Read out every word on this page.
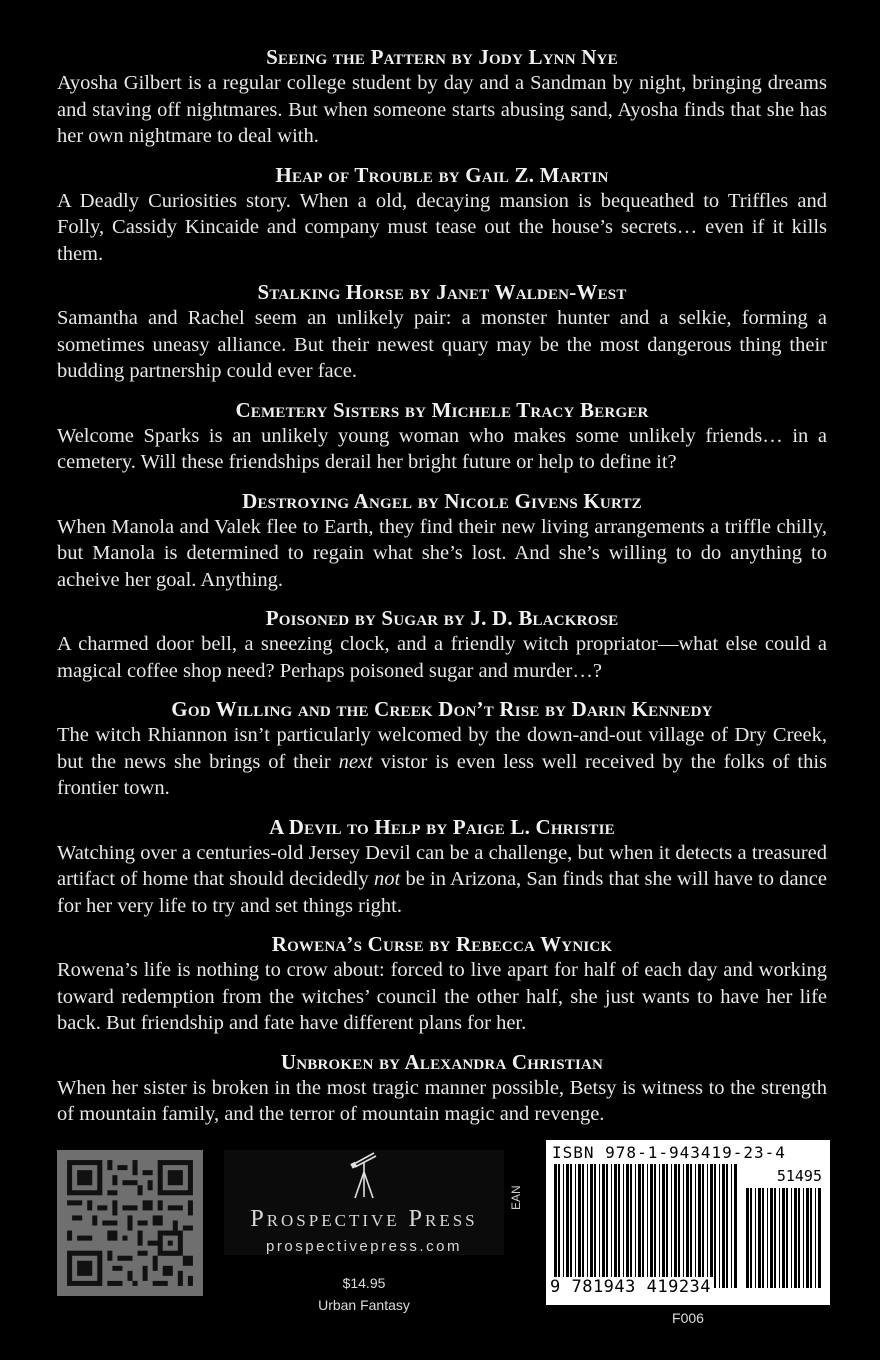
Seeing the Pattern by Jody Lynn Nye
Ayosha Gilbert is a regular college student by day and a Sandman by night, bringing dreams and staving off nightmares. But when someone starts abusing sand, Ayosha finds that she has her own nightmare to deal with.
Heap of Trouble by Gail Z. Martin
A Deadly Curiosities story. When a old, decaying mansion is bequeathed to Triffles and Folly, Cassidy Kincaide and company must tease out the house’s secrets… even if it kills them.
Stalking Horse by Janet Walden-West
Samantha and Rachel seem an unlikely pair: a monster hunter and a selkie, forming a sometimes uneasy alliance. But their newest quary may be the most dangerous thing their budding partnership could ever face.
Cemetery Sisters by Michele Tracy Berger
Welcome Sparks is an unlikely young woman who makes some unlikely friends… in a cemetery. Will these friendships derail her bright future or help to define it?
Destroying Angel by Nicole Givens Kurtz
When Manola and Valek flee to Earth, they find their new living arrangements a triffle chilly, but Manola is determined to regain what she’s lost. And she’s willing to do anything to acheive her goal. Anything.
Poisoned by Sugar by J. D. Blackrose
A charmed door bell, a sneezing clock, and a friendly witch propriator—what else could a magical coffee shop need? Perhaps poisoned sugar and murder…?
God Willing and the Creek Don’t Rise by Darin Kennedy
The witch Rhiannon isn’t particularly welcomed by the down-and-out village of Dry Creek, but the news she brings of their next vistor is even less well received by the folks of this frontier town.
A Devil to Help by Paige L. Christie
Watching over a centuries-old Jersey Devil can be a challenge, but when it detects a treasured artifact of home that should decidedly not be in Arizona, San finds that she will have to dance for her very life to try and set things right.
Rowena’s Curse by Rebecca Wynick
Rowena’s life is nothing to crow about: forced to live apart for half of each day and working toward redemption from the witches’ council the other half, she just wants to have her life back. But friendship and fate have different plans for her.
Unbroken by Alexandra Christian
When her sister is broken in the most tragic manner possible, Betsy is witness to the strength of mountain family, and the terror of mountain magic and revenge.
Prospective Press
prospectivepress.com
$14.95
Urban Fantasy
EAN
ISBN 978-1-943419-23-4
51495
9 781943 419234
F006
